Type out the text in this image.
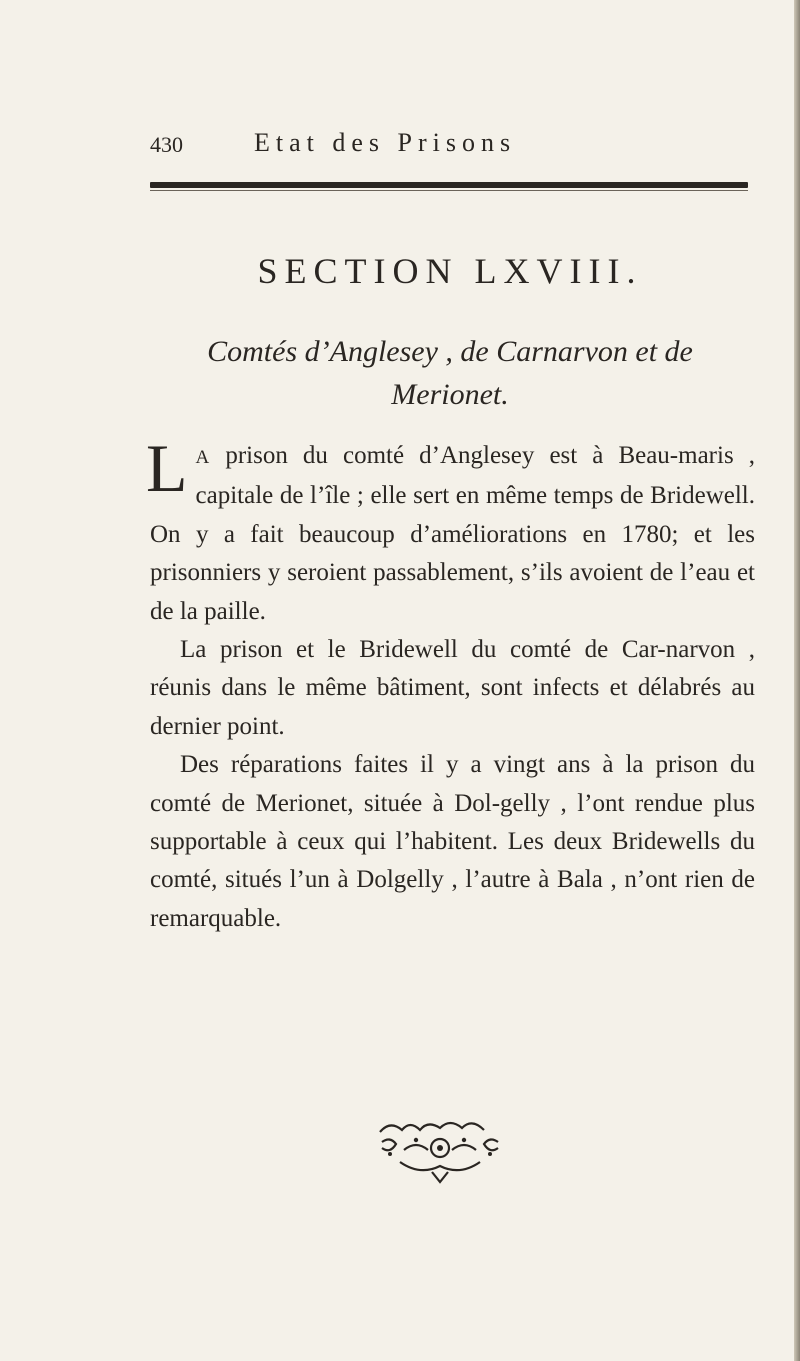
430	Etat des Prisons
SECTION LXVIII.
Comtés d’Anglesey , de Carnarvon et de Merionet.

L A prison du comté d’Anglesey est à Beau-maris , capitale de l’île ; elle sert en même temps de Bridewell. On y a fait beaucoup d’améliorations en 1780; et les prisonniers y seroient passablement, s’ils avoient de l’eau et de la paille.

La prison et le Bridewell du comté de Car-narvon , réunis dans le même bâtiment, sont infects et délabrés au dernier point.

Des réparations faites il y a vingt ans à la prison du comté de Merionet, située à Dol-gelly , l’ont rendue plus supportable à ceux qui l’habitent. Les deux Bridewells du comté, situés l’un à Dolgelly , l’autre à Bala , n’ont rien de remarquable.
